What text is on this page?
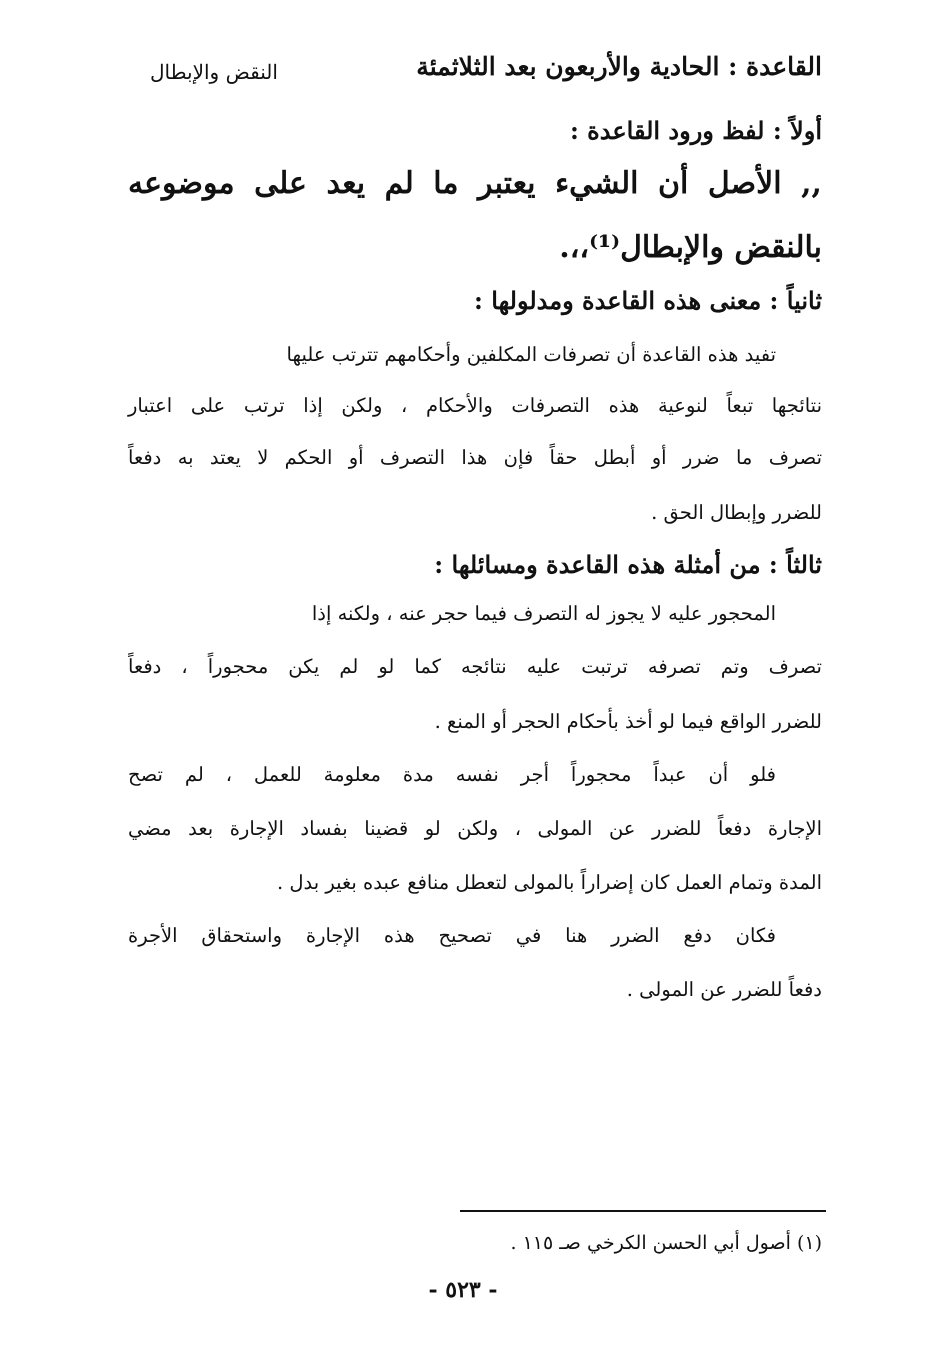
القاعدة : الحادية والأربعون بعد الثلاثمئة
النقض والإبطال
أولاً : لفظ ورود القاعدة :
,, الأصل أن الشيء يعتبر ما لم يعد على موضوعه
بالنقض والإبطال⁽¹⁾،،.
ثانياً : معنى هذه القاعدة ومدلولها :
تفيد هذه القاعدة أن تصرفات المكلفين وأحكامهم تترتب عليها
نتائجها تبعاً لنوعية هذه التصرفات والأحكام ، ولكن إذا ترتب على اعتبار
تصرف ما ضرر أو أبطل حقاً فإن هذا التصرف أو الحكم لا يعتد به دفعاً
للضرر وإبطال الحق .
ثالثاً : من أمثلة هذه القاعدة ومسائلها :
المحجور عليه لا يجوز له التصرف فيما حجر عنه ، ولكنه إذا
تصرف وتم تصرفه ترتبت عليه نتائجه كما لو لم يكن محجوراً ، دفعاً
للضرر الواقع فيما لو أخذ بأحكام الحجر أو المنع .
فلو أن عبداً محجوراً أجر نفسه مدة معلومة للعمل ، لم تصح
الإجارة دفعاً للضرر عن المولى ، ولكن لو قضينا بفساد الإجارة بعد مضي
المدة وتمام العمل كان إضراراً بالمولى لتعطل منافع عبده بغير بدل .
فكان دفع الضرر هنا في تصحيح هذه الإجارة واستحقاق الأجرة
دفعاً للضرر عن المولى .
(١) أصول أبي الحسن الكرخي صـ ١١٥ .
- ٥٢٣ -
